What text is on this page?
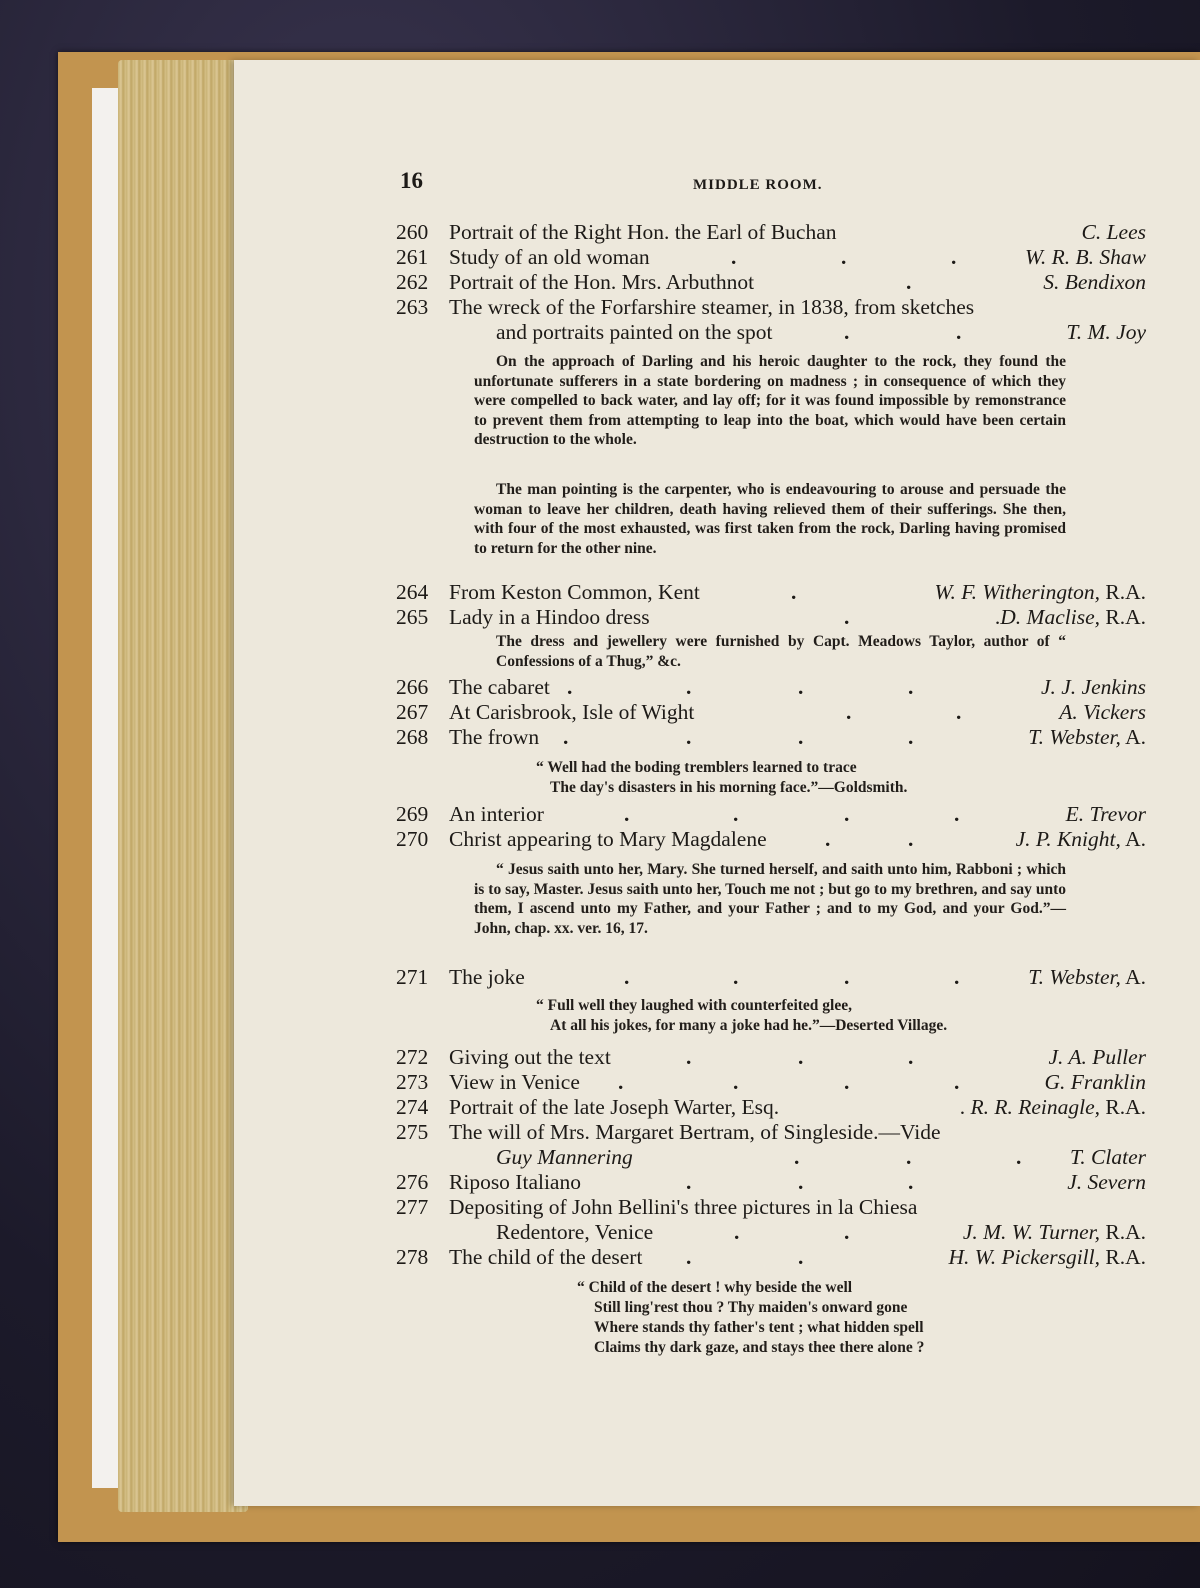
16	MIDDLE ROOM.
260 Portrait of the Right Hon. the Earl of Buchan	C. Lees
261 Study of an old woman	.	.	.	W. R. B. Shaw
262 Portrait of the Hon. Mrs. Arbuthnot	.	S. Bendixon
263 The wreck of the Forfarshire steamer, in 1838, from sketches
and portraits painted on the spot	.	.	T. M. Joy

On the approach of Darling and his heroic daughter to the rock, they found the unfortunate sufferers in a state bordering on madness ; in consequence of which they were compelled to back water, and lay off; for it was found impossible by remonstrance to prevent them from attempting to leap into the boat, which would have been certain destruction to the whole.

The man pointing is the carpenter, who is endeavouring to arouse and persuade the woman to leave her children, death having relieved them of their sufferings. She then, with four of the most exhausted, was first taken from the rock, Darling having promised to return for the other nine.

264 From Keston Common, Kent	.	W. F. Witherington, R.A.
265 Lady in a Hindoo dress	.	.D. Maclise, R.A.

The dress and jewellery were furnished by Capt. Meadows Taylor, author of “ Confessions of a Thug,” &c.

266 The cabaret .	.	.	.	J. J. Jenkins
267 At Carisbrook, Isle of Wight	.	.	A. Vickers
268 The frown .	.	.	.	T. Webster, A.
“ Well had the boding tremblers learned to trace
The day's disasters in his morning face.”—Goldsmith.
269 An interior	.	.	.	.	E. Trevor
270 Christ appearing to Mary Magdalene	.	.	J. P. Knight, A.

“ Jesus saith unto her, Mary. She turned herself, and saith unto him, Rabboni ; which is to say, Master. Jesus saith unto her, Touch me not ; but go to my brethren, and say unto them, I ascend unto my Father, and your Father ; and to my God, and your God.”—John, chap. xx. ver. 16, 17.

271 The joke	.	.	.	.	T. Webster, A.
“ Full well they laughed with counterfeited glee,
At all his jokes, for many a joke had he.”—Deserted Village.
272 Giving out the text	.	.	.	J. A. Puller
273 View in Venice .	.	.	.	G. Franklin
274 Portrait of the late Joseph Warter, Esq.	. R. R. Reinagle, R.A.
275 The will of Mrs. Margaret Bertram, of Singleside.—Vide
Guy Mannering	.	.	. T. Clater
276 Riposo Italiano	.	.	.	J. Severn
277 Depositing of John Bellini's three pictures in la Chiesa
Redentore, Venice	.	.	J. M. W. Turner, R.A.
278 The child of the desert .	.	H. W. Pickersgill, R.A.
“ Child of the desert ! why beside the well
Still ling'rest thou ? Thy maiden's onward gone
Where stands thy father's tent ; what hidden spell
Claims thy dark gaze, and stays thee there alone ?
